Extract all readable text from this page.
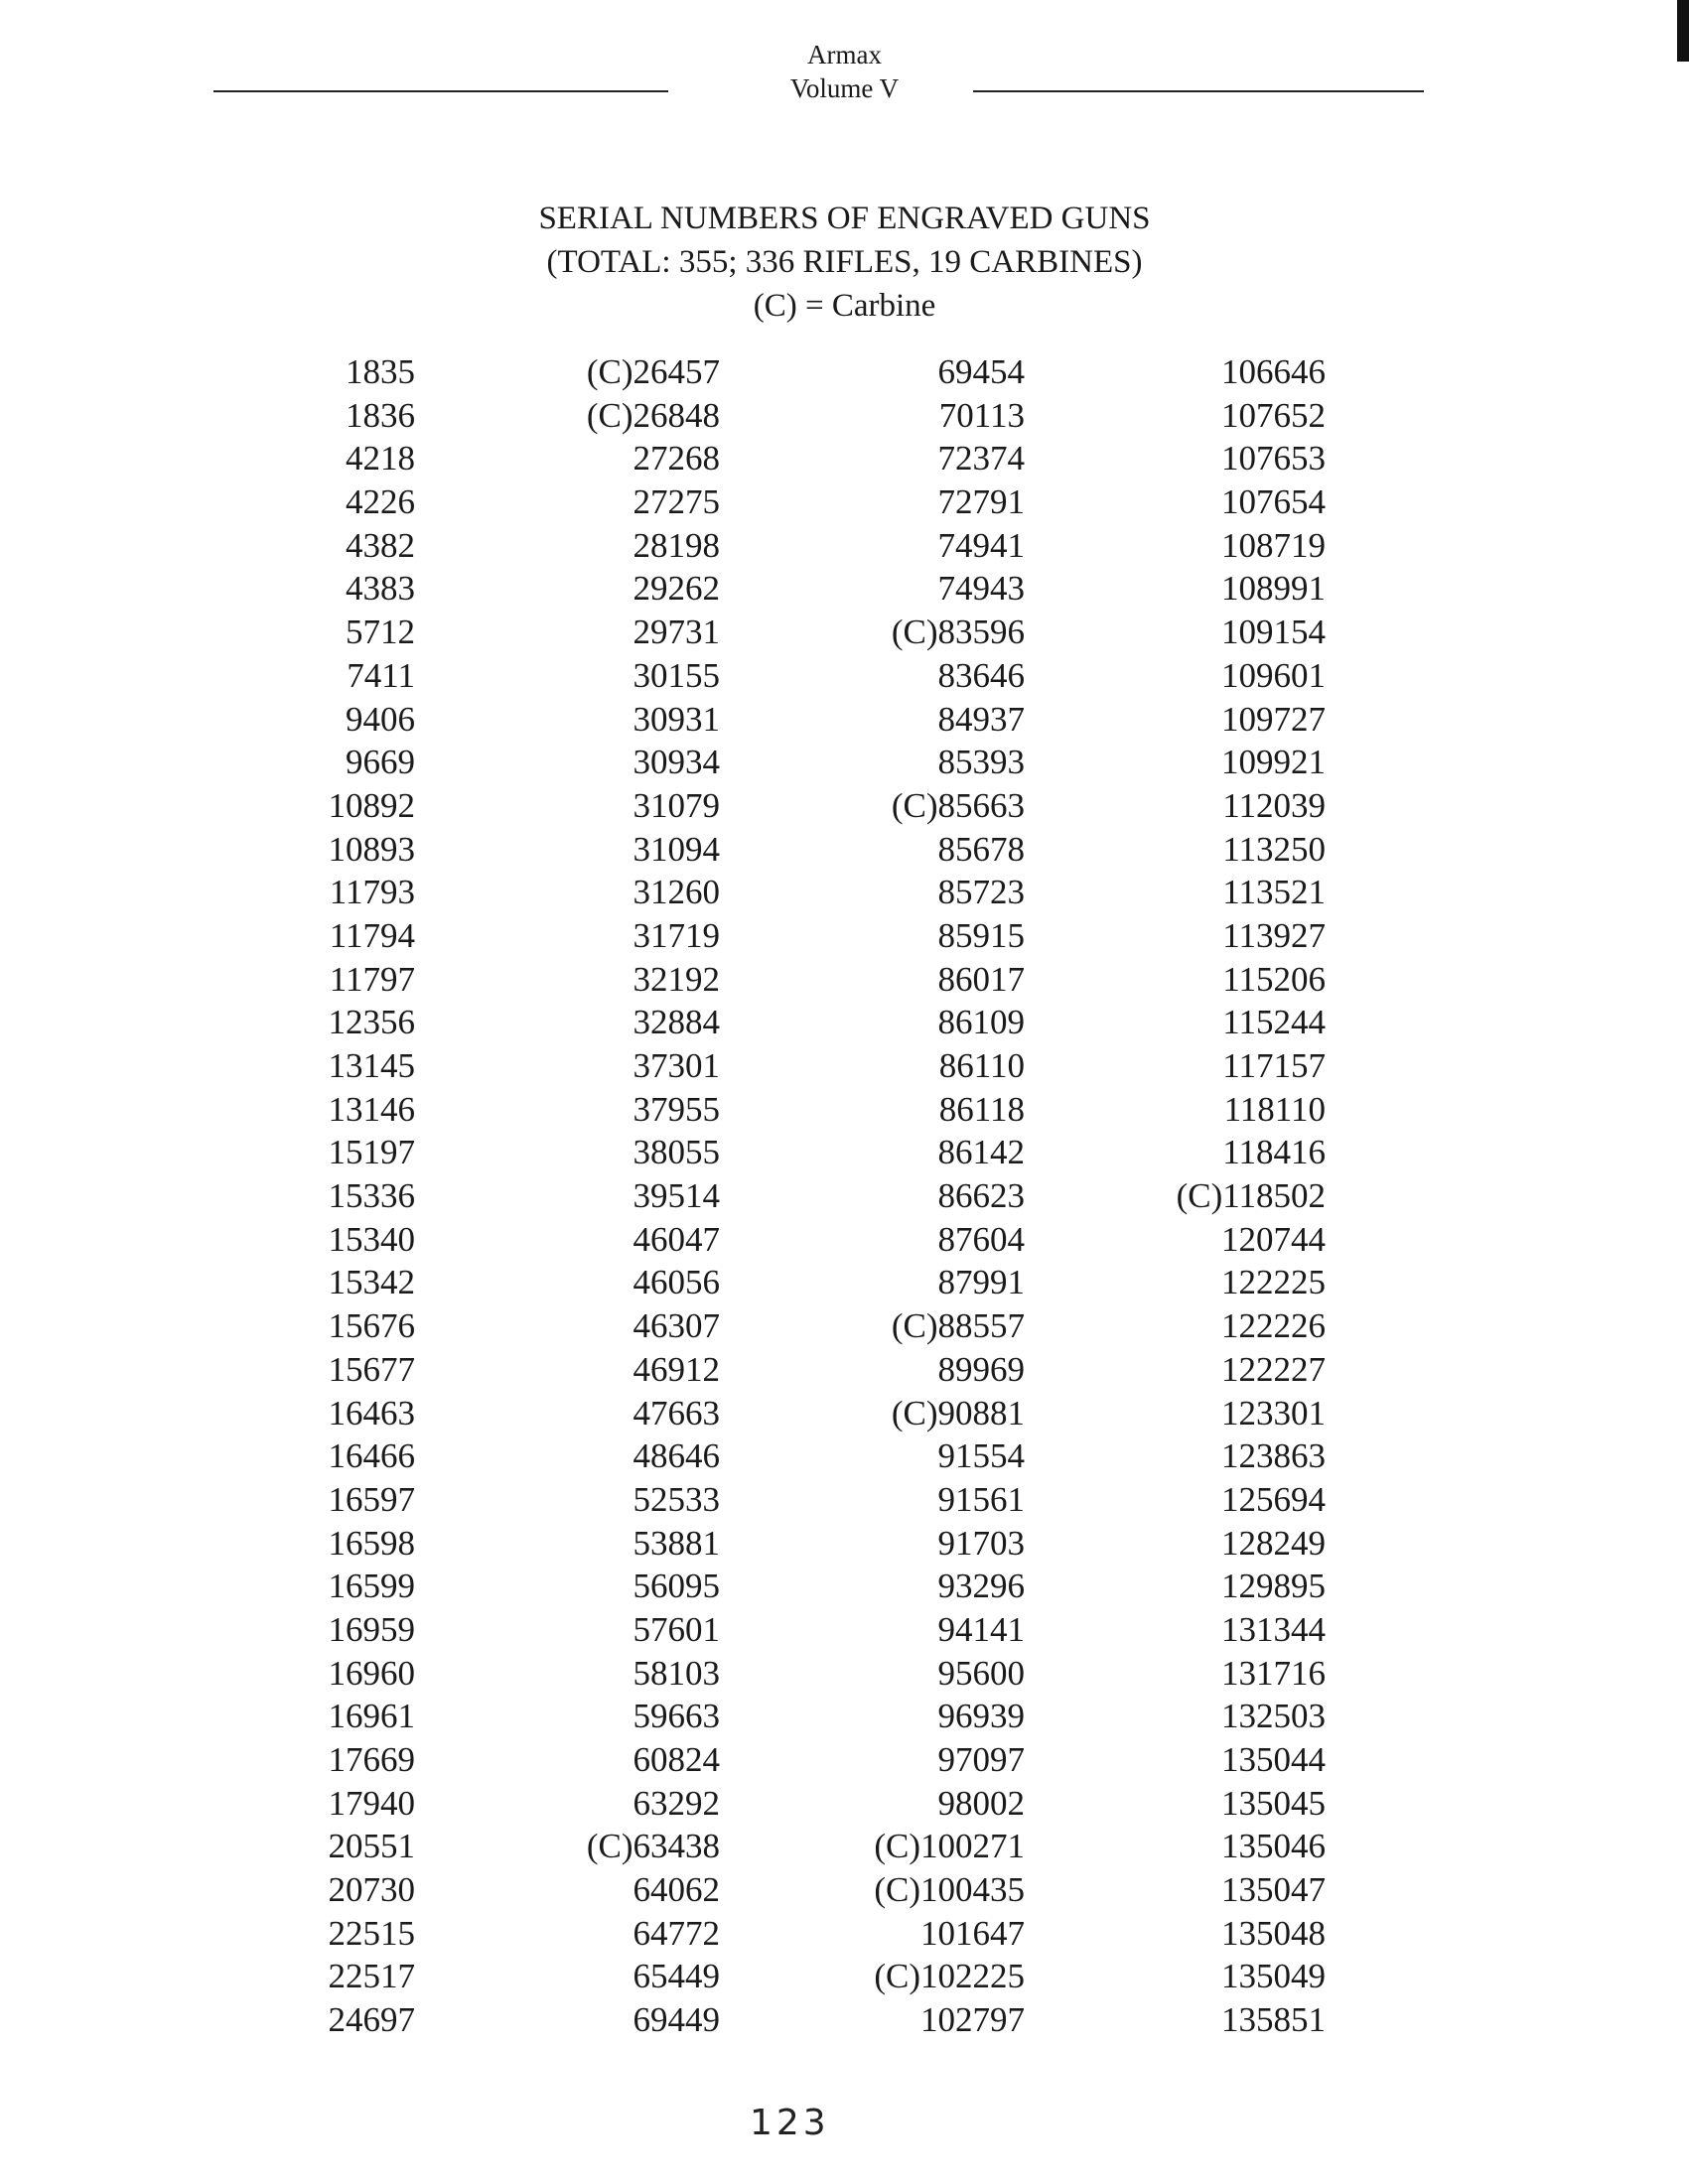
Armax
Volume V
SERIAL NUMBERS OF ENGRAVED GUNS
(TOTAL: 355; 336 RIFLES, 19 CARBINES)
(C) = Carbine
1835
1836
4218
4226
4382
4383
5712
7411
9406
9669
10892
10893
11793
11794
11797
12356
13145
13146
15197
15336
15340
15342
15676
15677
16463
16466
16597
16598
16599
16959
16960
16961
17669
17940
20551
20730
22515
22517
24697
(C)26457
(C)26848
27268
27275
28198
29262
29731
30155
30931
30934
31079
31094
31260
31719
32192
32884
37301
37955
38055
39514
46047
46056
46307
46912
47663
48646
52533
53881
56095
57601
58103
59663
60824
63292
(C)63438
64062
64772
65449
69449
69454
70113
72374
72791
74941
74943
(C)83596
83646
84937
85393
(C)85663
85678
85723
85915
86017
86109
86110
86118
86142
86623
87604
87991
(C)88557
89969
(C)90881
91554
91561
91703
93296
94141
95600
96939
97097
98002
(C)100271
(C)100435
101647
(C)102225
102797
106646
107652
107653
107654
108719
108991
109154
109601
109727
109921
112039
113250
113521
113927
115206
115244
117157
118110
118416
(C)118502
120744
122225
122226
122227
123301
123863
125694
128249
129895
131344
131716
132503
135044
135045
135046
135047
135048
135049
135851
123
